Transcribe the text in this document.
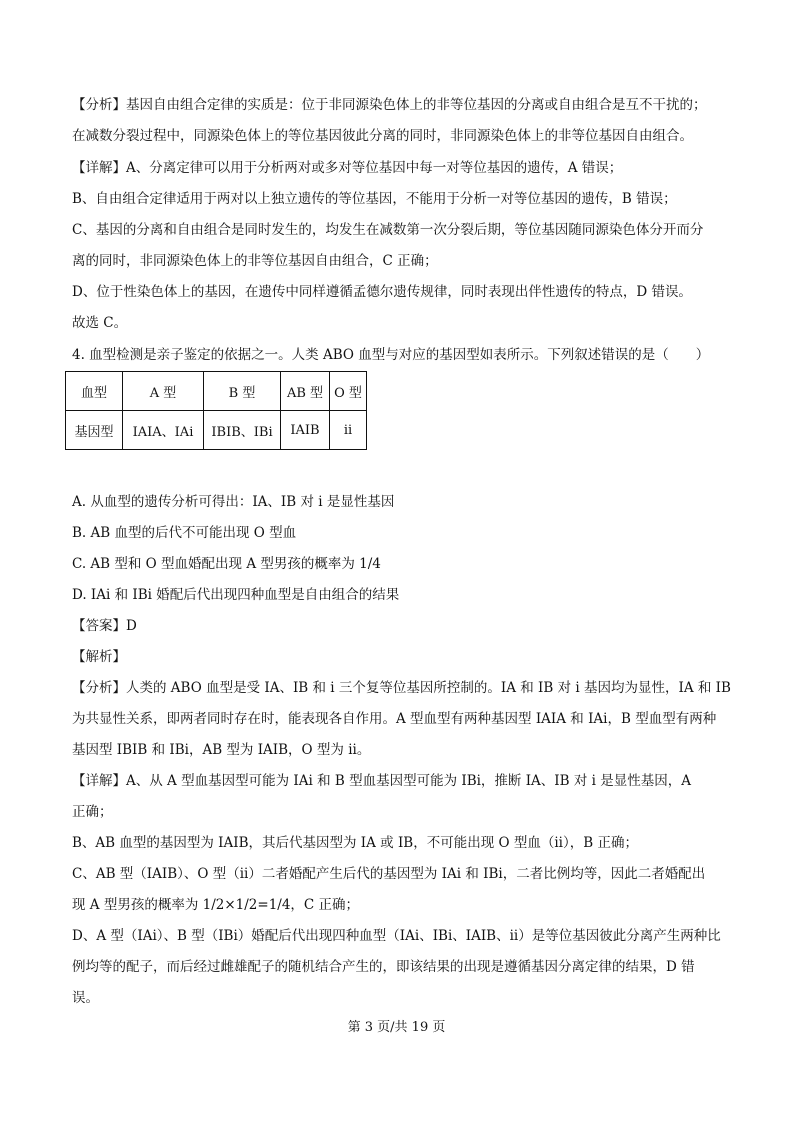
【分析】基因自由组合定律的实质是：位于非同源染色体上的非等位基因的分离或自由组合是互不干扰的；

在减数分裂过程中，同源染色体上的等位基因彼此分离的同时，非同源染色体上的非等位基因自由组合。

【详解】A、分离定律可以用于分析两对或多对等位基因中每一对等位基因的遗传，A 错误；

B、自由组合定律适用于两对以上独立遗传的等位基因，不能用于分析一对等位基因的遗传，B 错误；

C、基因的分离和自由组合是同时发生的，均发生在减数第一次分裂后期，等位基因随同源染色体分开而分

离的同时，非同源染色体上的非等位基因自由组合，C 正确；

D、位于性染色体上的基因，在遗传中同样遵循孟德尔遗传规律，同时表现出伴性遗传的特点，D 错误。

故选 C。

4. 血型检测是亲子鉴定的依据之一。人类 ABO 血型与对应的基因型如表所示。下列叙述错误的是（　　）

血型	A 型	B 型	AB 型	O 型
基因型	IAIA、IAi	IBIB、IBi	IAIB	ii

A. 从血型的遗传分析可得出：IA、IB 对 i 是显性基因

B. AB 血型的后代不可能出现 O 型血

C. AB 型和 O 型血婚配出现 A 型男孩的概率为 1/4

D. IAi 和 IBi 婚配后代出现四种血型是自由组合的结果

【答案】D

【解析】

【分析】人类的 ABO 血型是受 IA、IB 和 i 三个复等位基因所控制的。IA 和 IB 对 i 基因均为显性，IA 和 IB

为共显性关系，即两者同时存在时，能表现各自作用。A 型血型有两种基因型 IAIA 和 IAi，B 型血型有两种

基因型 IBIB 和 IBi，AB 型为 IAIB，O 型为 ii。

【详解】A、从 A 型血基因型可能为 IAi 和 B 型血基因型可能为 IBi，推断 IA、IB 对 i 是显性基因，A

正确；

B、AB 血型的基因型为 IAIB，其后代基因型为 IA 或 IB，不可能出现 O 型血（ii），B 正确；

C、AB 型（IAIB）、O 型（ii）二者婚配产生后代的基因型为 IAi 和 IBi，二者比例均等，因此二者婚配出

现 A 型男孩的概率为 1/2×1/2=1/4，C 正确；

D、A 型（IAi）、B 型（IBi）婚配后代出现四种血型（IAi、IBi、IAIB、ii）是等位基因彼此分离产生两种比

例均等的配子，而后经过雌雄配子的随机结合产生的，即该结果的出现是遵循基因分离定律的结果，D 错

误。

第 3 页/共 19 页
